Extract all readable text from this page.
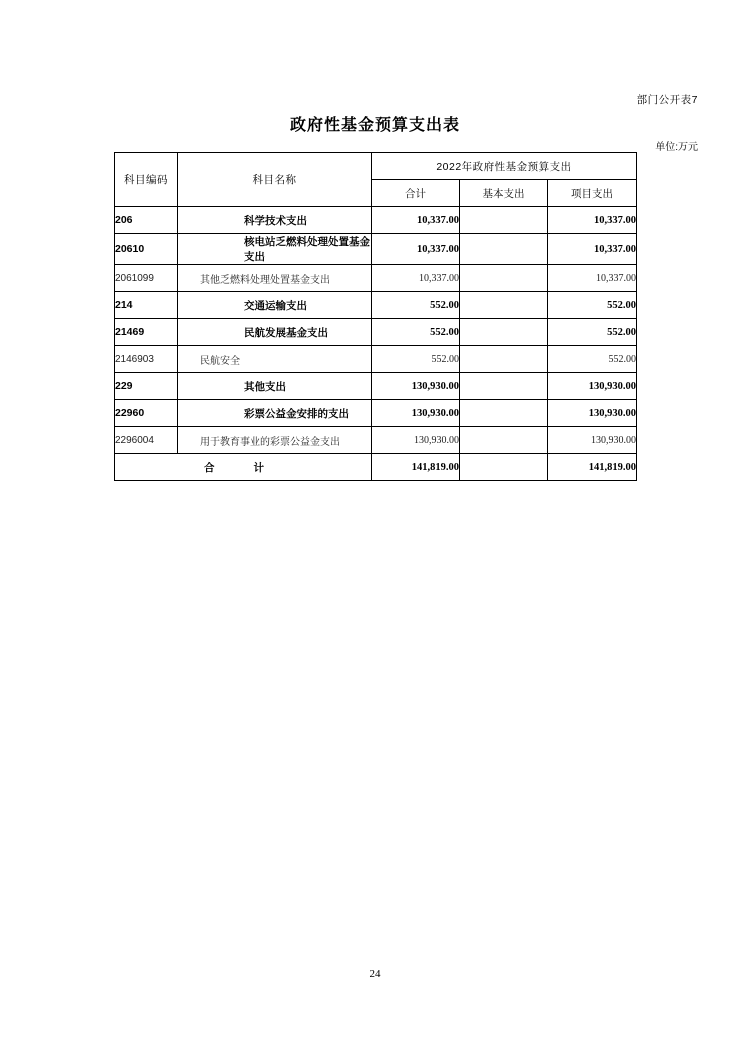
部门公开表7
政府性基金预算支出表
单位:万元
科目编码	科目名称	2022年政府性基金预算支出		
		合计	基本支出	项目支出
206	科学技术支出	10,337.00		10,337.00
20610	核电站乏燃料处理处置基金支出	10,337.00		10,337.00
2061099	其他乏燃料处理处置基金支出	10,337.00		10,337.00
214	交通运输支出	552.00		552.00
21469	民航发展基金支出	552.00		552.00
2146903	民航安全	552.00		552.00
229	其他支出	130,930.00		130,930.00
22960	彩票公益金安排的支出	130,930.00		130,930.00
2296004	用于教育事业的彩票公益金支出	130,930.00		130,930.00
合 计		141,819.00		141,819.00
24
